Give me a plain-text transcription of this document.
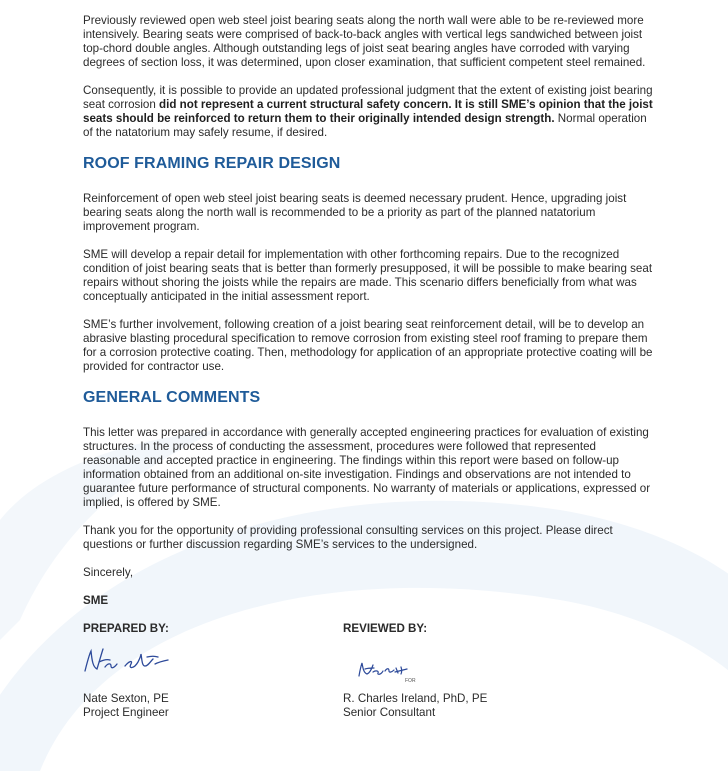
Previously reviewed open web steel joist bearing seats along the north wall were able to be re-reviewed more intensively. Bearing seats were comprised of back-to-back angles with vertical legs sandwiched between joist top-chord double angles. Although outstanding legs of joist seat bearing angles have corroded with varying degrees of section loss, it was determined, upon closer examination, that sufficient competent steel remained.

Consequently, it is possible to provide an updated professional judgment that the extent of existing joist bearing seat corrosion did not represent a current structural safety concern. It is still SME’s opinion that the joist seats should be reinforced to return them to their originally intended design strength. Normal operation of the natatorium may safely resume, if desired.

ROOF FRAMING REPAIR DESIGN

Reinforcement of open web steel joist bearing seats is deemed necessary prudent. Hence, upgrading joist bearing seats along the north wall is recommended to be a priority as part of the planned natatorium improvement program.

SME will develop a repair detail for implementation with other forthcoming repairs. Due to the recognized condition of joist bearing seats that is better than formerly presupposed, it will be possible to make bearing seat repairs without shoring the joists while the repairs are made. This scenario differs beneficially from what was conceptually anticipated in the initial assessment report.

SME’s further involvement, following creation of a joist bearing seat reinforcement detail, will be to develop an abrasive blasting procedural specification to remove corrosion from existing steel roof framing to prepare them for a corrosion protective coating. Then, methodology for application of an appropriate protective coating will be provided for contractor use.

GENERAL COMMENTS

This letter was prepared in accordance with generally accepted engineering practices for evaluation of existing structures. In the process of conducting the assessment, procedures were followed that represented reasonable and accepted practice in engineering. The findings within this report were based on follow-up information obtained from an additional on-site investigation. Findings and observations are not intended to guarantee future performance of structural components. No warranty of materials or applications, expressed or implied, is offered by SME.

Thank you for the opportunity of providing professional consulting services on this project. Please direct questions or further discussion regarding SME’s services to the undersigned.

Sincerely,

SME

PREPARED BY:
Nate Sexton, PE
Project Engineer
REVIEWED BY:
FOR
R. Charles Ireland, PhD, PE
Senior Consultant
